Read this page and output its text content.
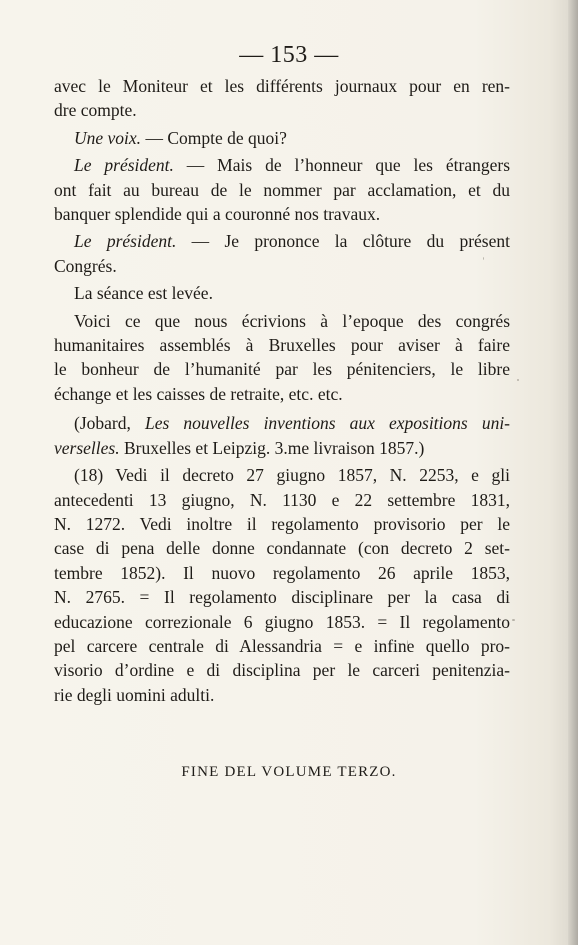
— 153 —
avec le Moniteur et les différents journaux pour en ren-
dre compte.
Une voix. — Compte de quoi?
Le président. — Mais de l’honneur que les étrangers
ont fait au bureau de le nommer par acclamation, et du
banquer splendide qui a couronné nos travaux.
Le président. — Je prononce la clôture du présent
Congrés.
La séance est levée.
Voici ce que nous écrivions à l’epoque des congrés
humanitaires assemblés à Bruxelles pour aviser à faire
le bonheur de l’humanité par les pénitenciers, le libre
échange et les caisses de retraite, etc. etc.
(Jobard, Les nouvelles inventions aux expositions uni-
verselles. Bruxelles et Leipzig. 3.me livraison 1857.)
(18) Vedi il decreto 27 giugno 1857, N. 2253, e gli
antecedenti 13 giugno, N. 1130 e 22 settembre 1831,
N. 1272. Vedi inoltre il regolamento provisorio per le
case di pena delle donne condannate (con decreto 2 set-
tembre 1852). Il nuovo regolamento 26 aprile 1853,
N. 2765. = Il regolamento disciplinare per la casa di
educazione correzionale 6 giugno 1853. = Il regolamento
pel carcere centrale di Alessandria = e infine quello pro-
visorio d’ordine e di disciplina per le carceri penitenzia-
rie degli uomini adulti.
FINE DEL VOLUME TERZO.
